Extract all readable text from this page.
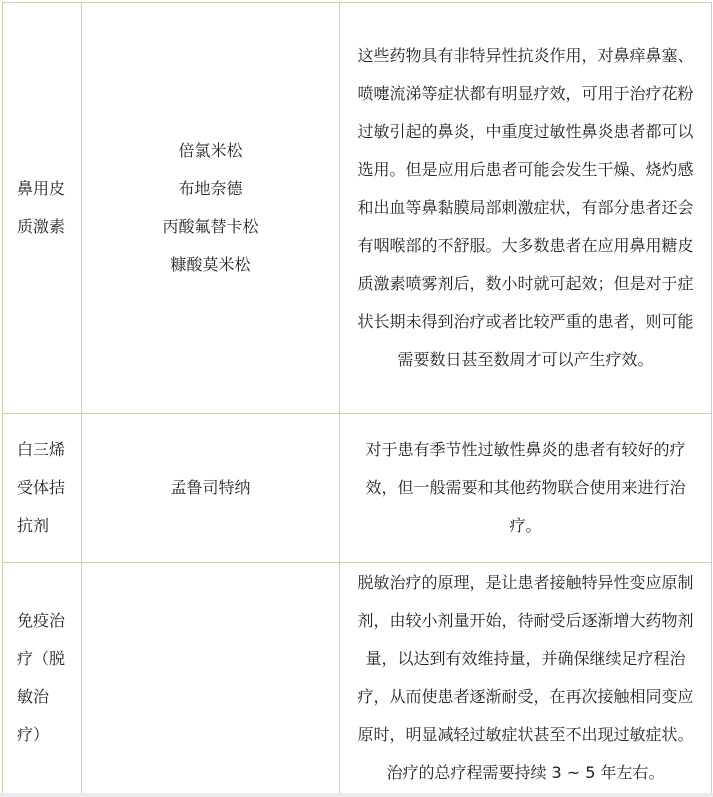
鼻用皮质激素	倍氯米松
布地奈德
丙酸氟替卡松
糠酸莫米松	这些药物具有非特异性抗炎作用，对鼻痒鼻塞、喷嚏流涕等症状都有明显疗效，可用于治疗花粉过敏引起的鼻炎，中重度过敏性鼻炎患者都可以选用。但是应用后患者可能会发生干燥、烧灼感和出血等鼻黏膜局部刺激症状，有部分患者还会有咽喉部的不舒服。大多数患者在应用鼻用糖皮质激素喷雾剂后，数小时就可起效；但是对于症状长期未得到治疗或者比较严重的患者，则可能需要数日甚至数周才可以产生疗效。

白三烯受体拮抗剂	孟鲁司特纳	对于患有季节性过敏性鼻炎的患者有较好的疗效，但一般需要和其他药物联合使用来进行治疗。

免疫治疗（脱敏治疗）		脱敏治疗的原理，是让患者接触特异性变应原制剂，由较小剂量开始，待耐受后逐渐增大药物剂量，以达到有效维持量，并确保继续足疗程治疗，从而使患者逐渐耐受，在再次接触相同变应原时，明显减轻过敏症状甚至不出现过敏症状。治疗的总疗程需要持续 3 ~ 5 年左右。
